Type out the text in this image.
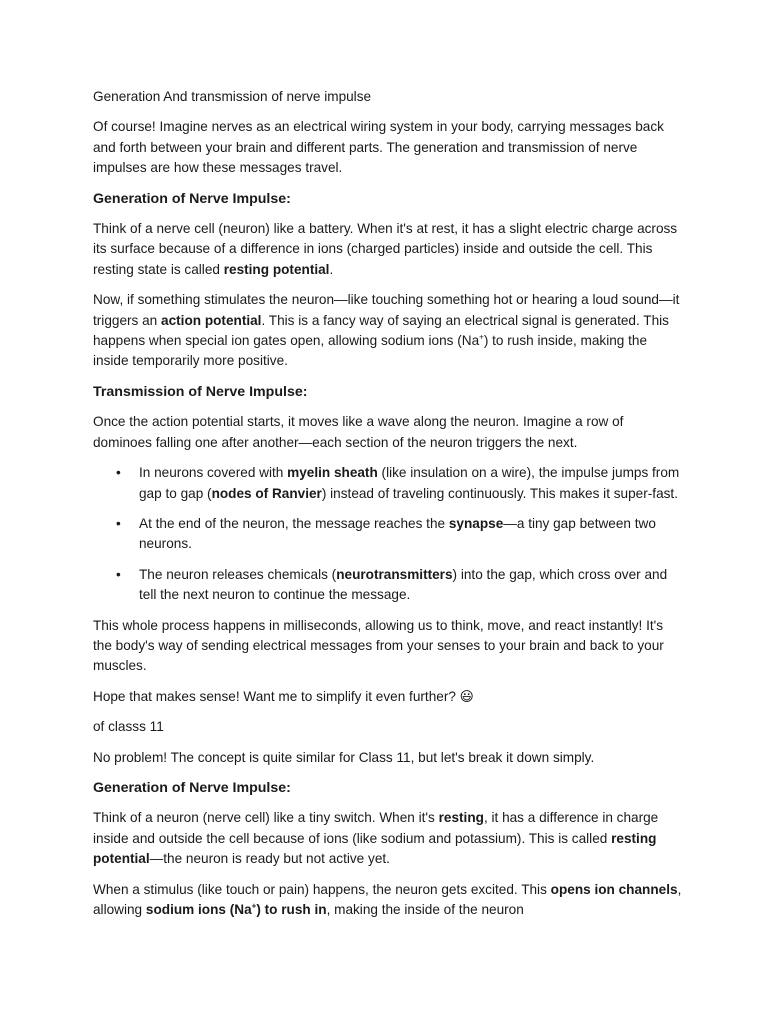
Generation And transmission of nerve impulse

Of course! Imagine nerves as an electrical wiring system in your body, carrying messages back and forth between your brain and different parts. The generation and transmission of nerve impulses are how these messages travel.

Generation of Nerve Impulse:

Think of a nerve cell (neuron) like a battery. When it's at rest, it has a slight electric charge across its surface because of a difference in ions (charged particles) inside and outside the cell. This resting state is called resting potential.

Now, if something stimulates the neuron—like touching something hot or hearing a loud sound—it triggers an action potential. This is a fancy way of saying an electrical signal is generated. This happens when special ion gates open, allowing sodium ions (Na+) to rush inside, making the inside temporarily more positive.

Transmission of Nerve Impulse:

Once the action potential starts, it moves like a wave along the neuron. Imagine a row of dominoes falling one after another—each section of the neuron triggers the next.

• In neurons covered with myelin sheath (like insulation on a wire), the impulse jumps from gap to gap (nodes of Ranvier) instead of traveling continuously. This makes it super-fast.
• At the end of the neuron, the message reaches the synapse—a tiny gap between two neurons.
• The neuron releases chemicals (neurotransmitters) into the gap, which cross over and tell the next neuron to continue the message.

This whole process happens in milliseconds, allowing us to think, move, and react instantly! It's the body's way of sending electrical messages from your senses to your brain and back to your muscles.

Hope that makes sense! Want me to simplify it even further? 😃

of classs 11

No problem! The concept is quite similar for Class 11, but let's break it down simply.

Generation of Nerve Impulse:

Think of a neuron (nerve cell) like a tiny switch. When it's resting, it has a difference in charge inside and outside the cell because of ions (like sodium and potassium). This is called resting potential—the neuron is ready but not active yet.

When a stimulus (like touch or pain) happens, the neuron gets excited. This opens ion channels, allowing sodium ions (Na+) to rush in, making the inside of the neuron
